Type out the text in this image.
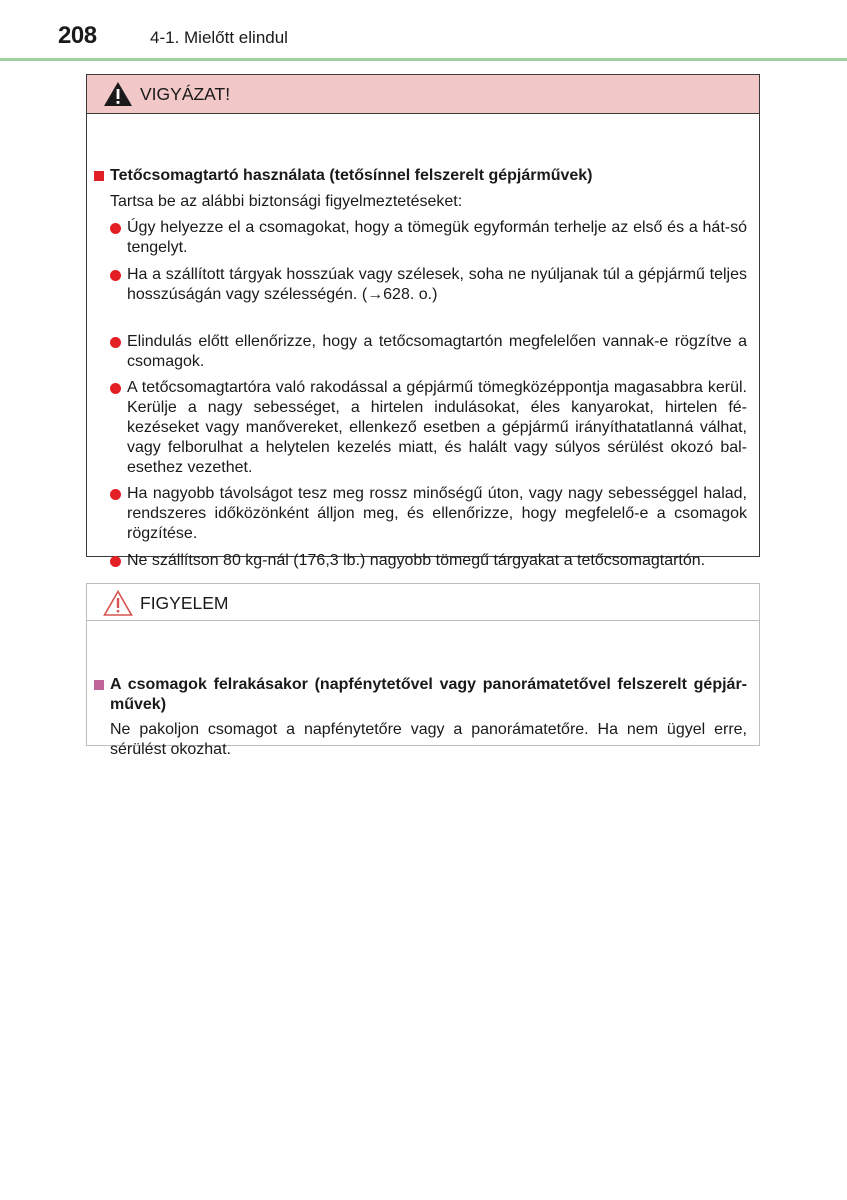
208	4-1. Mielőtt elindul
VIGYÁZAT!
Tetőcsomagtartó használata (tetősínnel felszerelt gépjárművek)
Tartsa be az alábbi biztonsági figyelmeztetéseket:
Úgy helyezze el a csomagokat, hogy a tömegük egyformán terhelje az első és a hát-só tengelyt.
Ha a szállított tárgyak hosszúak vagy szélesek, soha ne nyúljanak túl a gépjármű teljes hosszúságán vagy szélességén. (→628. o.)
Elindulás előtt ellenőrizze, hogy a tetőcsomagtartón megfelelően vannak-e rögzítve a csomagok.
A tetőcsomagtartóra való rakodással a gépjármű tömegközéppontja magasabbra kerül. Kerülje a nagy sebességet, a hirtelen indulásokat, éles kanyarokat, hirtelen fé-kezéseket vagy manővereket, ellenkező esetben a gépjármű irányíthatatlanná válhat, vagy felborulhat a helytelen kezelés miatt, és halált vagy súlyos sérülést okozó bal-esethez vezethet.
Ha nagyobb távolságot tesz meg rossz minőségű úton, vagy nagy sebességgel halad, rendszeres időközönként álljon meg, és ellenőrizze, hogy megfelelő-e a csomagok rögzítése.
Ne szállítson 80 kg-nál (176,3 lb.) nagyobb tömegű tárgyakat a tetőcsomagtartón.
FIGYELEM
A csomagok felrakásakor (napfénytetővel vagy panorámatetővel felszerelt gépjár-művek)
Ne pakoljon csomagot a napfénytetőre vagy a panorámatetőre. Ha nem ügyel erre, sérülést okozhat.
